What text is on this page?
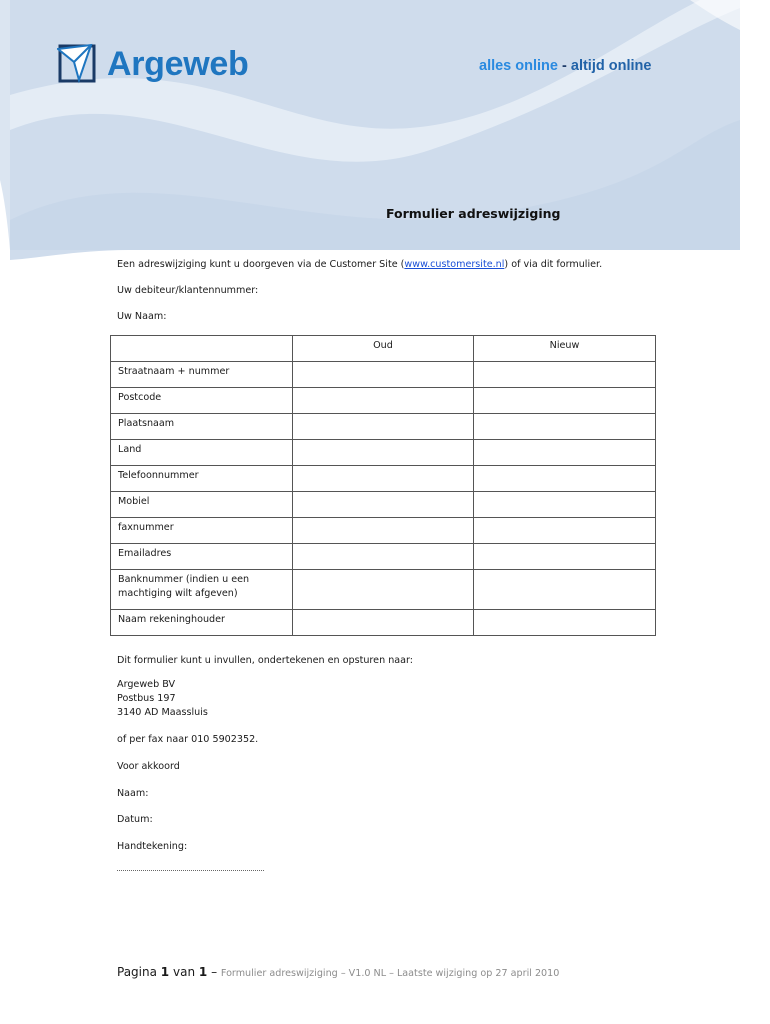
Argeweb	alles online - altijd online
Formulier adreswijziging
Een adreswijziging kunt u doorgeven via de Customer Site (www.customersite.nl) of via dit formulier.
Uw debiteur/klantennummer:
Uw Naam:
	Oud	Nieuw
Straatnaam + nummer		
Postcode		
Plaatsnaam		
Land		
Telefoonnummer		
Mobiel		
faxnummer		
Emailadres		
Banknummer (indien u een machtiging wilt afgeven)		
Naam rekeninghouder		
Dit formulier kunt u invullen, ondertekenen en opsturen naar:
Argeweb BV
Postbus 197
3140 AD Maassluis
of per fax naar 010 5902352.
Voor akkoord
Naam:
Datum:
Handtekening:
Pagina 1 van 1 – Formulier adreswijziging – V1.0 NL – Laatste wijziging op 27 april 2010
